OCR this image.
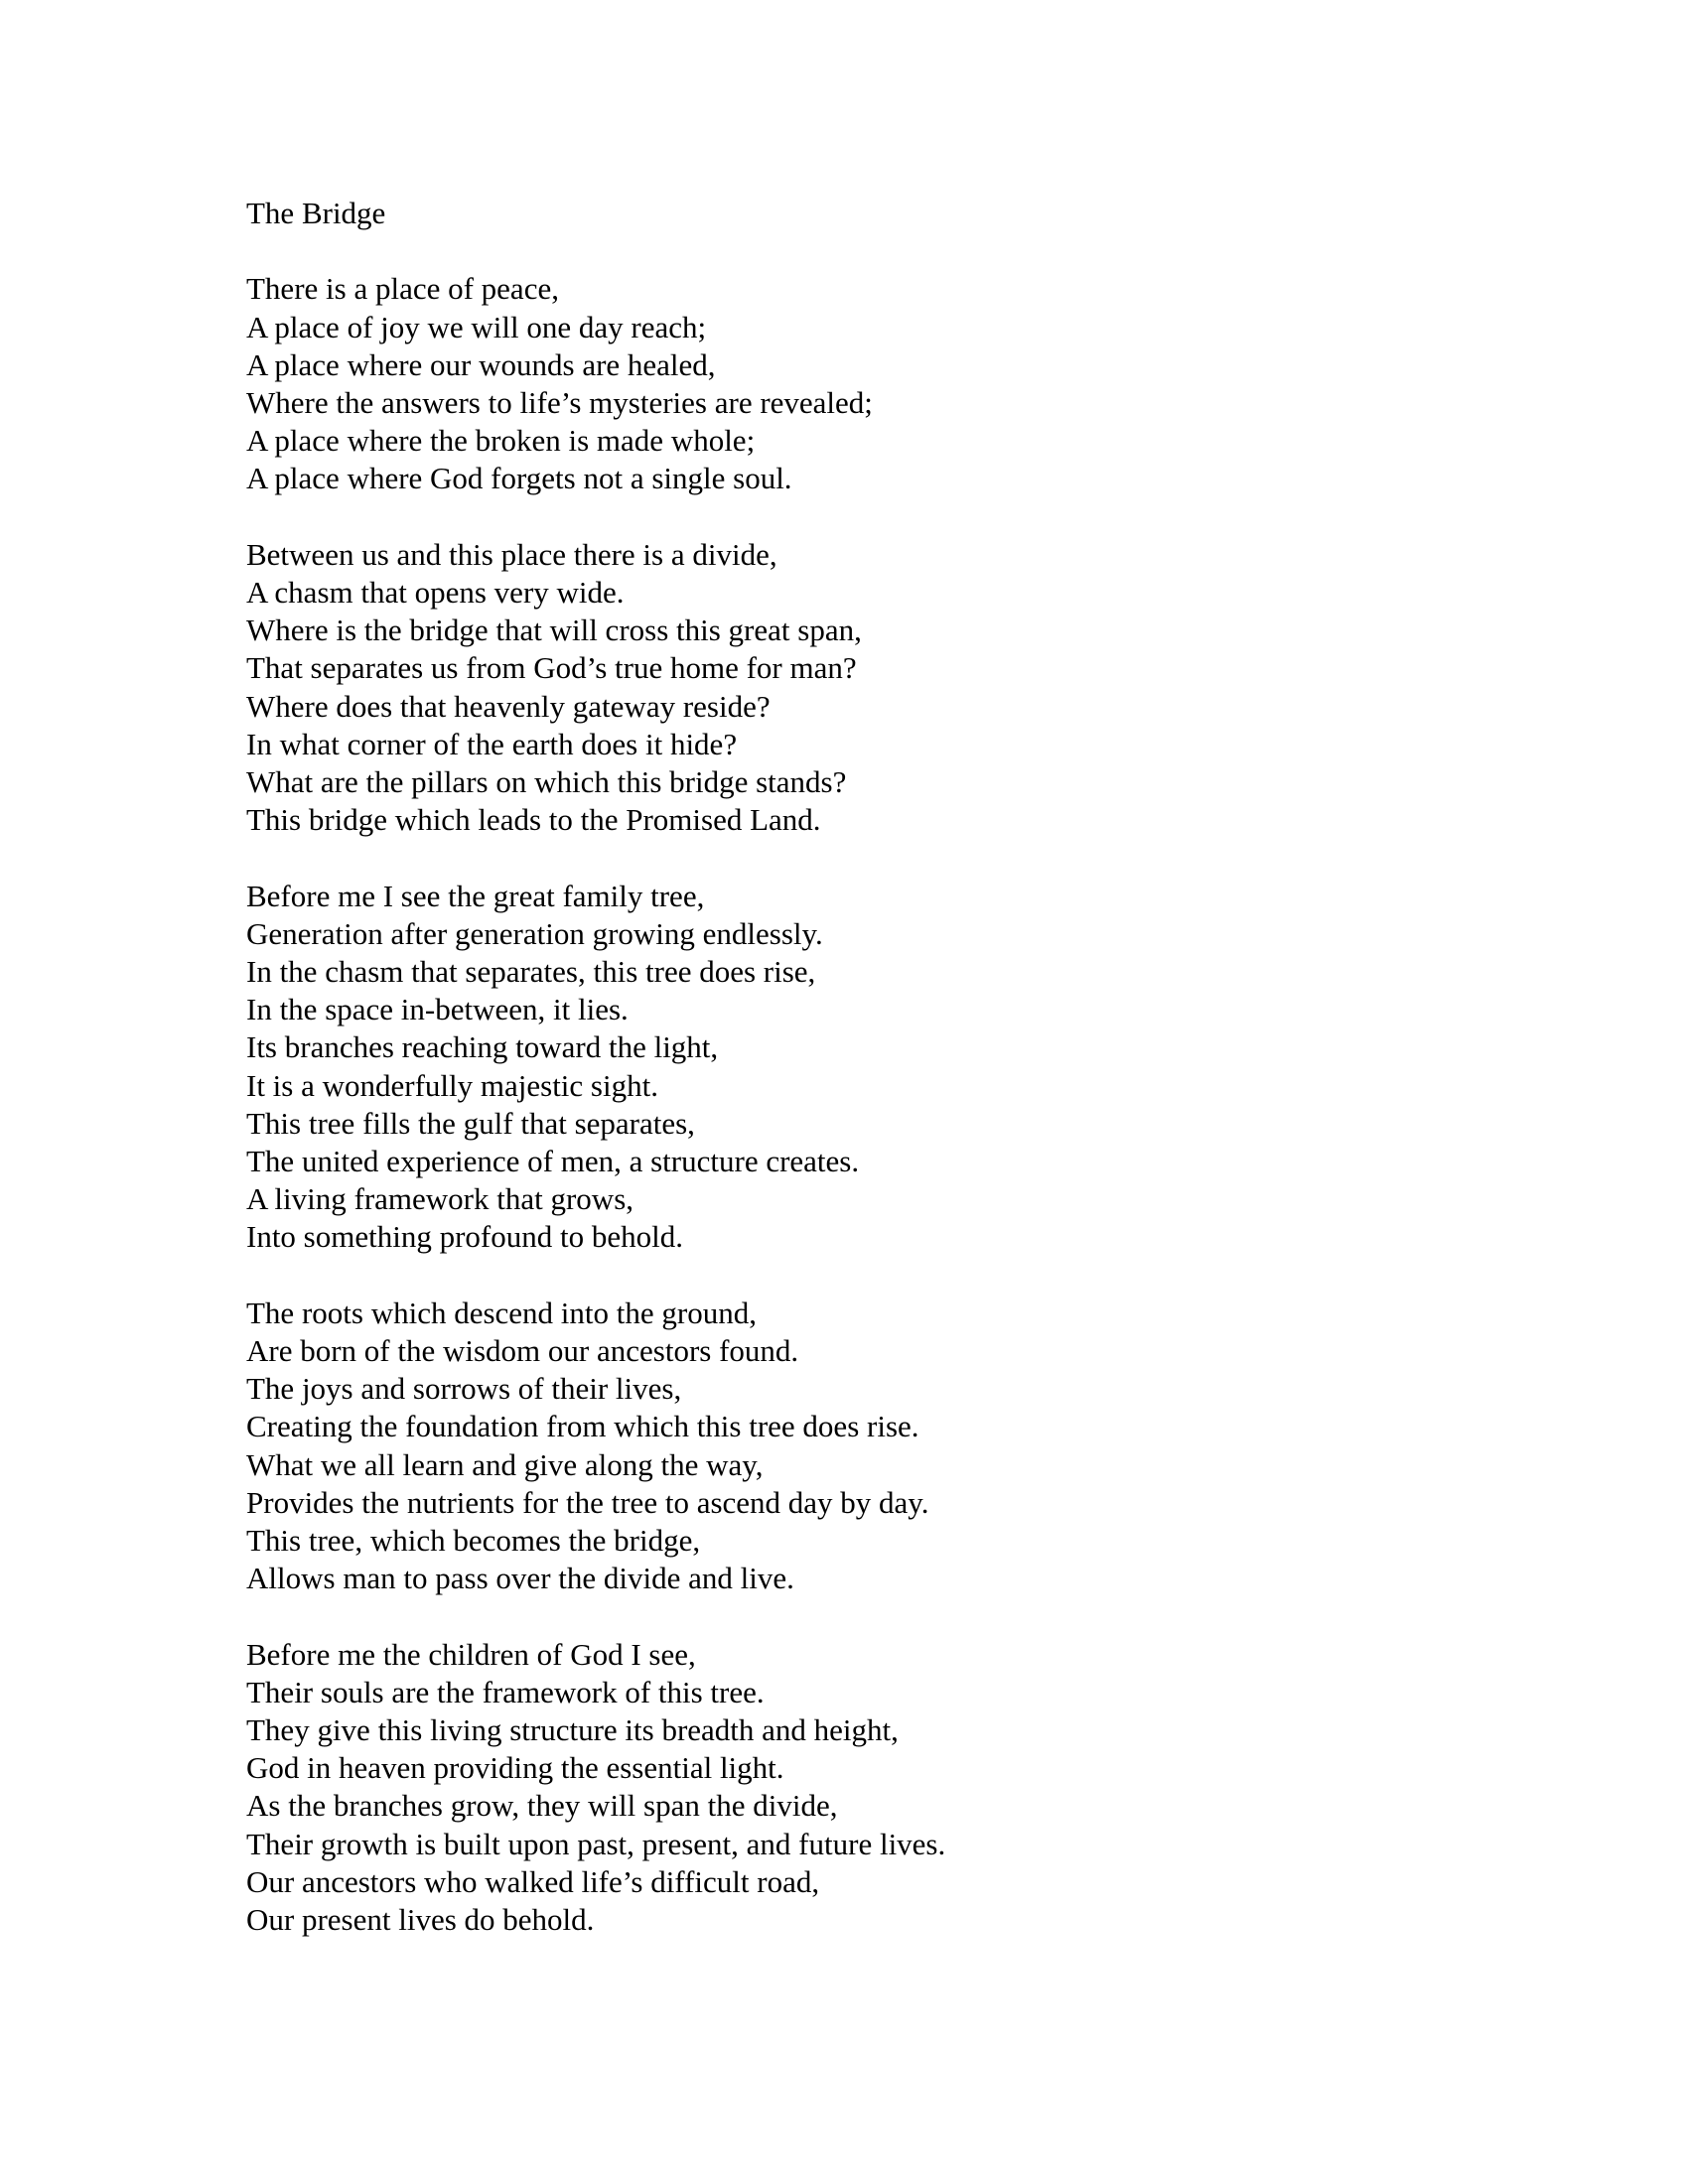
The Bridge
There is a place of peace,
A place of joy we will one day reach;
A place where our wounds are healed,
Where the answers to life’s mysteries are revealed;
A place where the broken is made whole;
A place where God forgets not a single soul.
Between us and this place there is a divide,
A chasm that opens very wide.
Where is the bridge that will cross this great span,
That separates us from God’s true home for man?
Where does that heavenly gateway reside?
In what corner of the earth does it hide?
What are the pillars on which this bridge stands?
This bridge which leads to the Promised Land.
Before me I see the great family tree,
Generation after generation growing endlessly.
In the chasm that separates, this tree does rise,
In the space in-between, it lies.
Its branches reaching toward the light,
It is a wonderfully majestic sight.
This tree fills the gulf that separates,
The united experience of men, a structure creates.
A living framework that grows,
Into something profound to behold.
The roots which descend into the ground,
Are born of the wisdom our ancestors found.
The joys and sorrows of their lives,
Creating the foundation from which this tree does rise.
What we all learn and give along the way,
Provides the nutrients for the tree to ascend day by day.
This tree, which becomes the bridge,
Allows man to pass over the divide and live.
Before me the children of God I see,
Their souls are the framework of this tree.
They give this living structure its breadth and height,
God in heaven providing the essential light.
As the branches grow, they will span the divide,
Their growth is built upon past, present, and future lives.
Our ancestors who walked life’s difficult road,
Our present lives do behold.
